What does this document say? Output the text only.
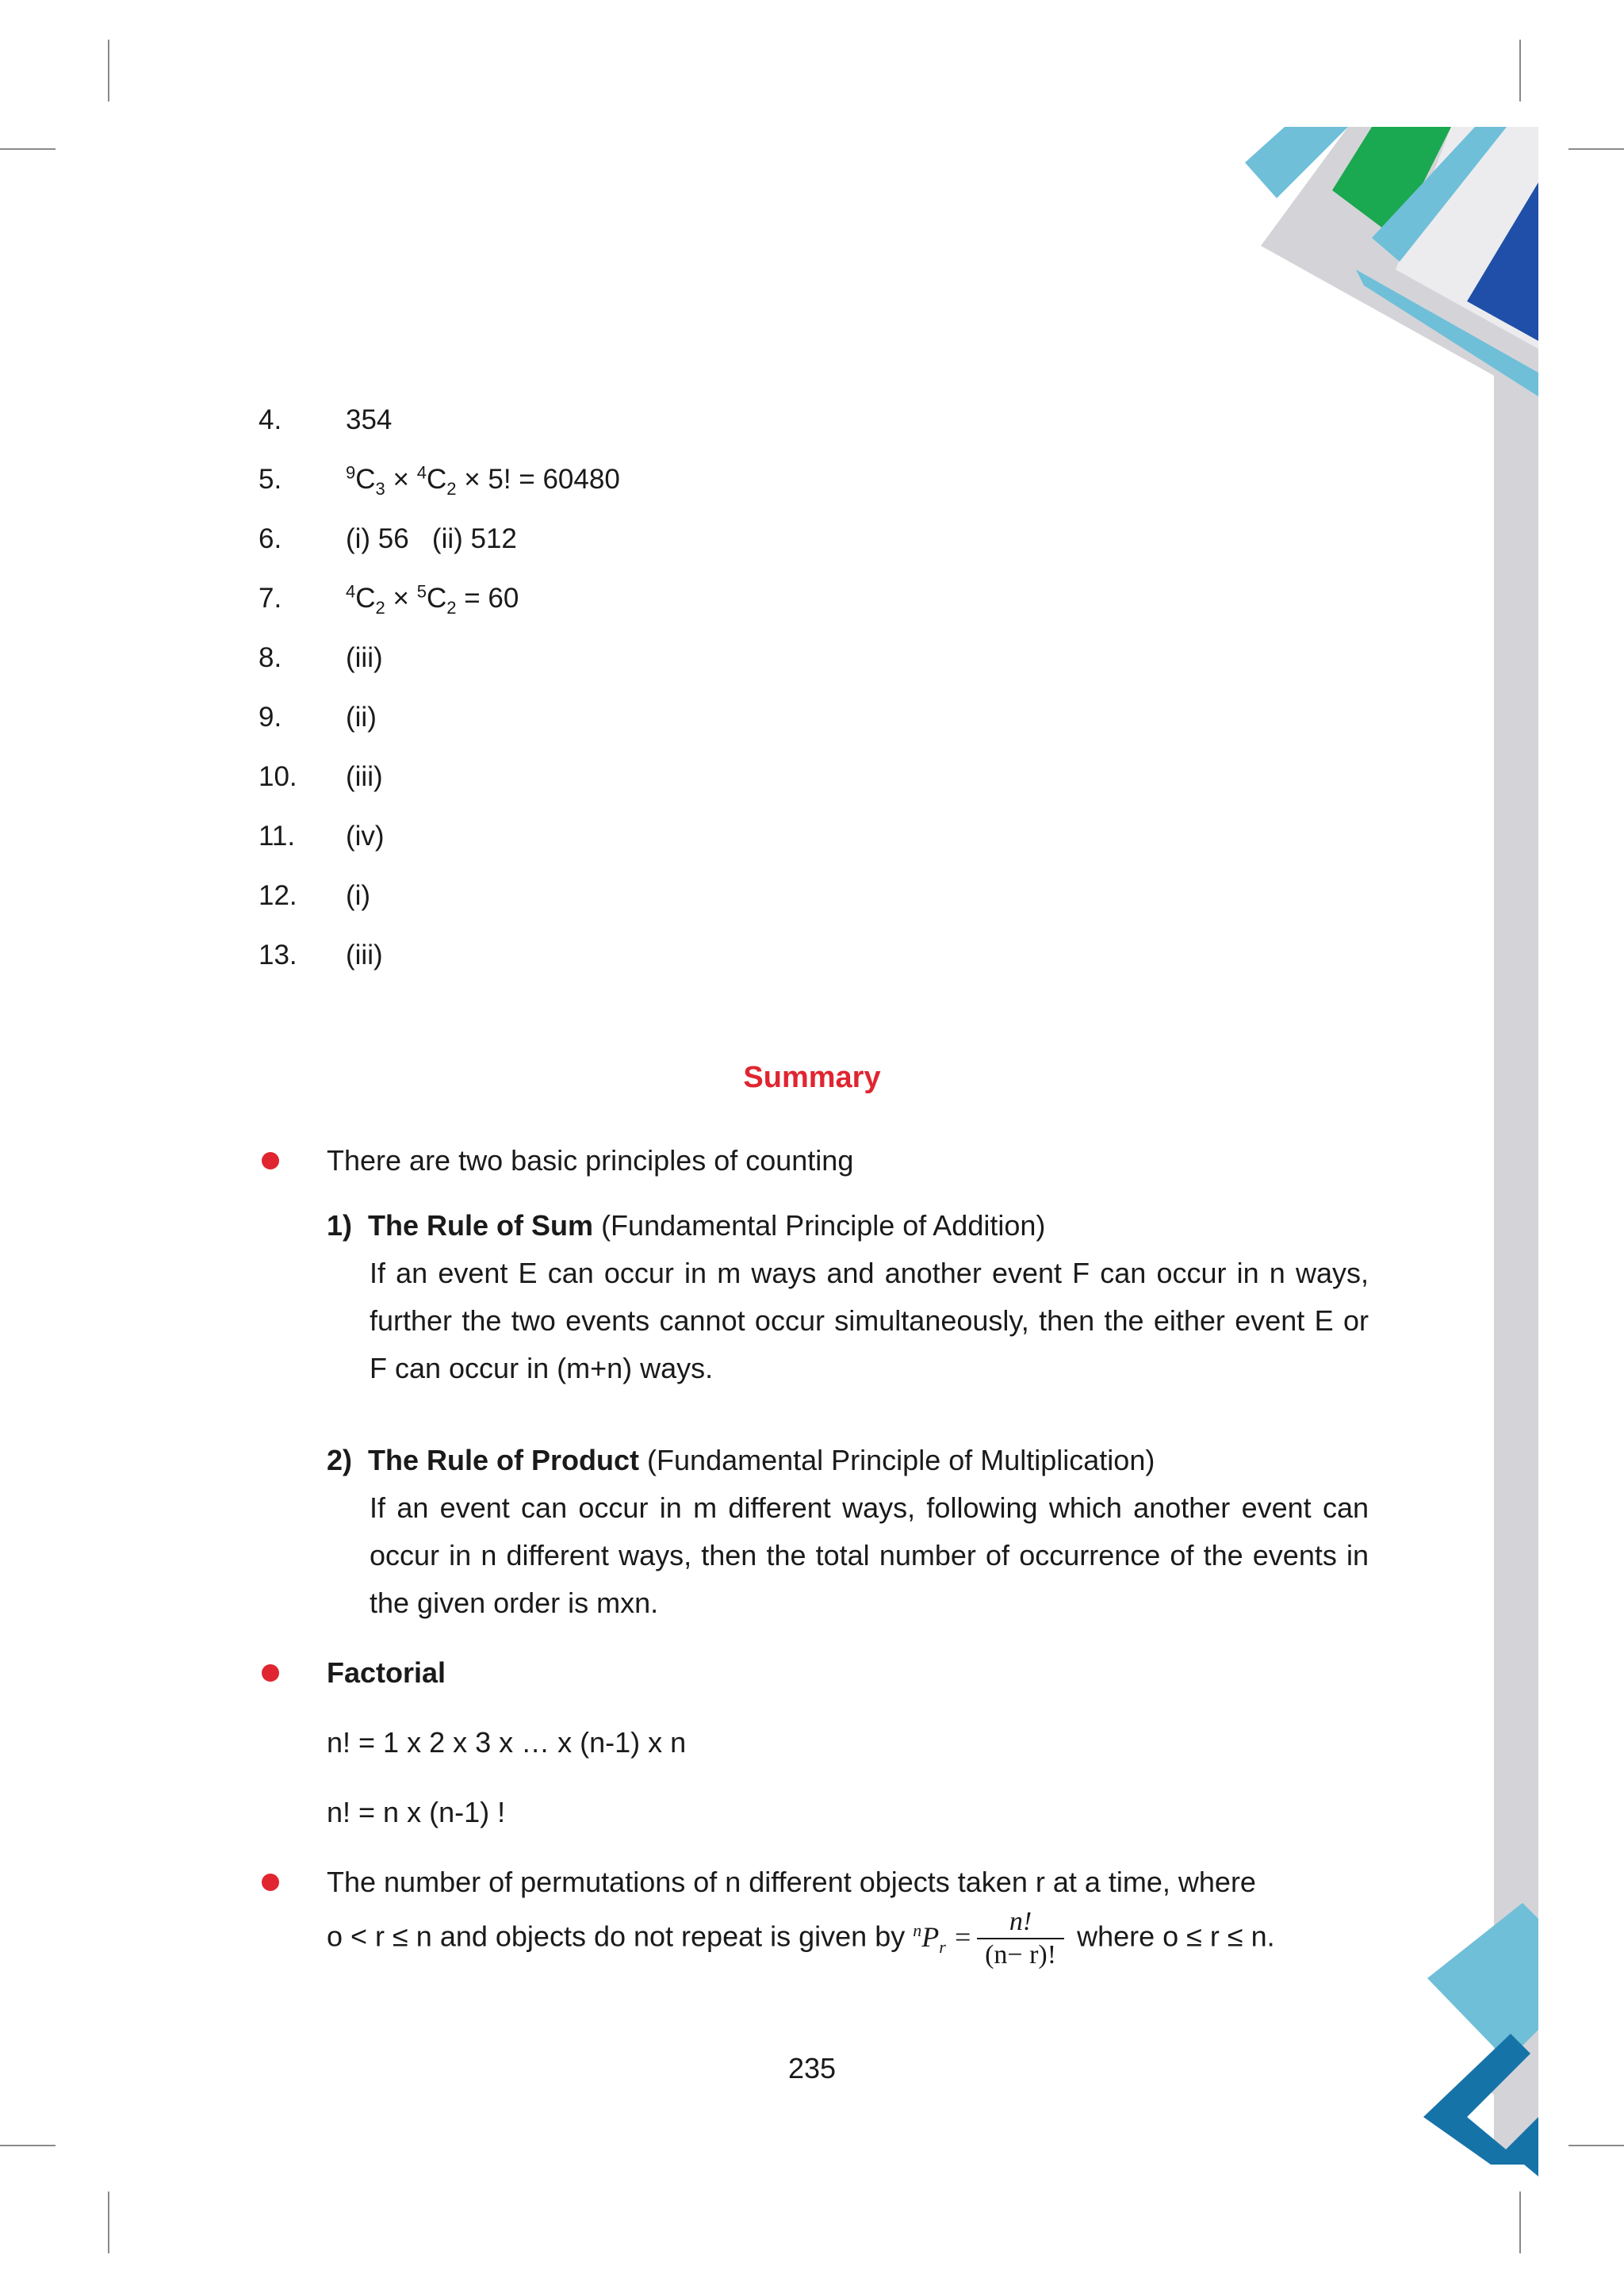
4.	354
5.	$^9C_3 \times ^4C_2 \times 5$! = 60480
6.	(i) 56   (ii) 512
7.	$^4C_2 \times ^5C_2 = 60$
8.	(iii)
9.	(ii)
10.	(iii)
11.	(iv)
12.	(i)
13.	(iii)
Summary
There are two basic principles of counting
1) The Rule of Sum (Fundamental Principle of Addition)
If an event E can occur in m ways and another event F can occur in n ways, further the two events cannot occur simultaneously, then the either event E or F can occur in (m+n) ways.
2) The Rule of Product (Fundamental Principle of Multiplication)
If an event can occur in m different ways, following which another event can occur in n different ways, then the total number of occurrence of the events in the given order is mxn.
Factorial
n! = 1 x 2 x 3 x … x (n-1) x n
n! = n x (n-1) !
The number of permutations of n different objects taken r at a time, where
o < r ≤ n and objects do not repeat is given by $^nP_r = \frac{n!}{(n- r)!}$ where o ≤ r ≤ n.
235
